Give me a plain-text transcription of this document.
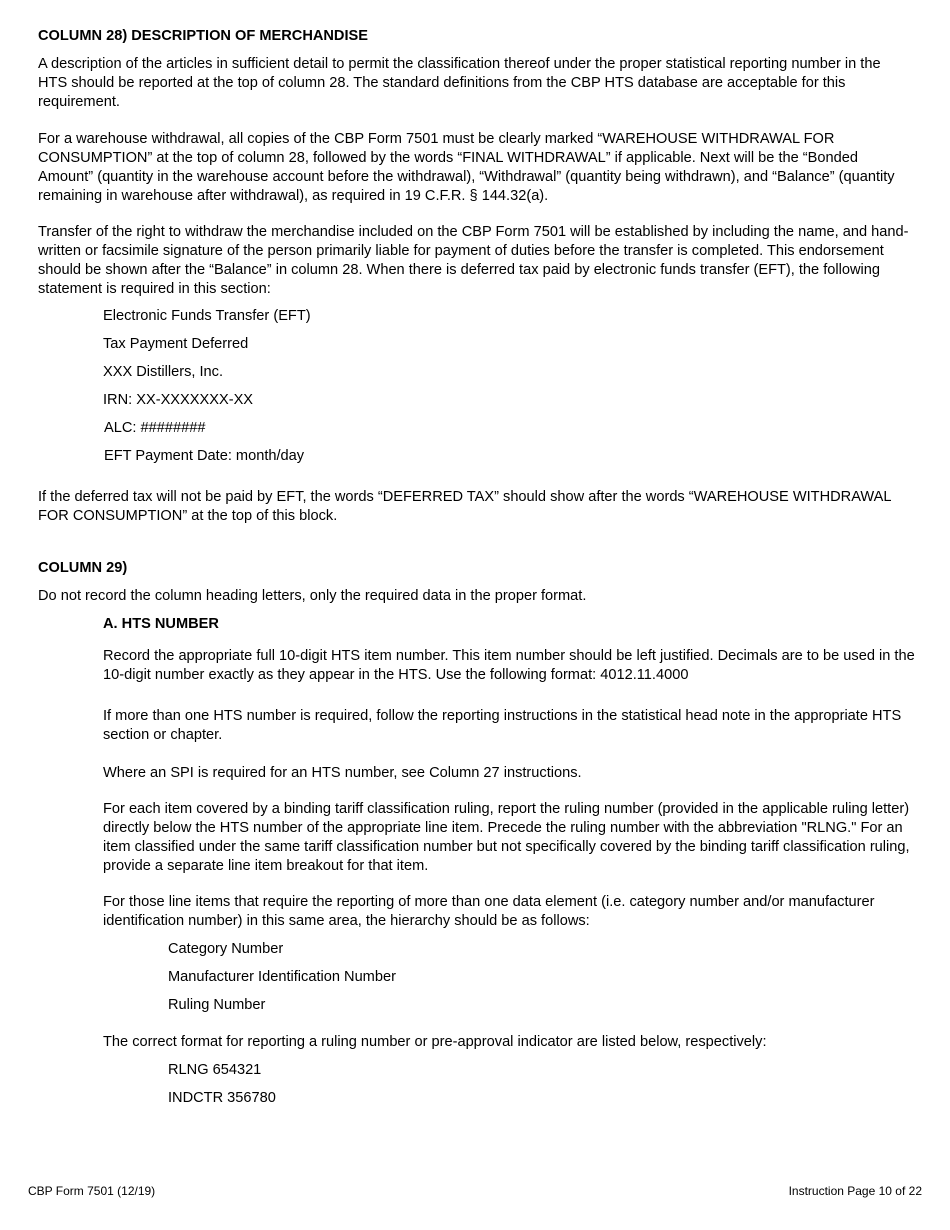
COLUMN 28) DESCRIPTION OF MERCHANDISE
A description of the articles in sufficient detail to permit the classification thereof under the proper statistical reporting number in the HTS should be reported at the top of column 28. The standard definitions from the CBP HTS database are acceptable for this requirement.
For a warehouse withdrawal, all copies of the CBP Form 7501 must be clearly marked “WAREHOUSE WITHDRAWAL FOR CONSUMPTION” at the top of column 28, followed by the words “FINAL WITHDRAWAL” if applicable. Next will be the “Bonded Amount” (quantity in the warehouse account before the withdrawal), “Withdrawal” (quantity being withdrawn), and “Balance” (quantity remaining in warehouse after withdrawal), as required in 19 C.F.R. § 144.32(a).
Transfer of the right to withdraw the merchandise included on the CBP Form 7501 will be established by including the name, and hand-written or facsimile signature of the person primarily liable for payment of duties before the transfer is completed. This endorsement should be shown after the “Balance” in column 28. When there is deferred tax paid by electronic funds transfer (EFT), the following statement is required in this section:
Electronic Funds Transfer (EFT)
Tax Payment Deferred
XXX Distillers, Inc.
IRN: XX-XXXXXXX-XX
ALC: ########
EFT Payment Date: month/day
If the deferred tax will not be paid by EFT, the words “DEFERRED TAX” should show after the words “WAREHOUSE WITHDRAWAL FOR CONSUMPTION” at the top of this block.
COLUMN 29)
Do not record the column heading letters, only the required data in the proper format.
A. HTS NUMBER
Record the appropriate full 10-digit HTS item number. This item number should be left justified. Decimals are to be used in the 10-digit number exactly as they appear in the HTS. Use the following format: 4012.11.4000
If more than one HTS number is required, follow the reporting instructions in the statistical head note in the appropriate HTS section or chapter.
Where an SPI is required for an HTS number, see Column 27 instructions.
For each item covered by a binding tariff classification ruling, report the ruling number (provided in the applicable ruling letter) directly below the HTS number of the appropriate line item. Precede the ruling number with the abbreviation "RLNG." For an item classified under the same tariff classification number but not specifically covered by the binding tariff classification ruling, provide a separate line item breakout for that item.
For those line items that require the reporting of more than one data element (i.e. category number and/or manufacturer identification number) in this same area, the hierarchy should be as follows:
Category Number
Manufacturer Identification Number
Ruling Number
The correct format for reporting a ruling number or pre-approval indicator are listed below, respectively:
RLNG 654321
INDCTR 356780
CBP Form 7501 (12/19)	Instruction Page 10 of 22
